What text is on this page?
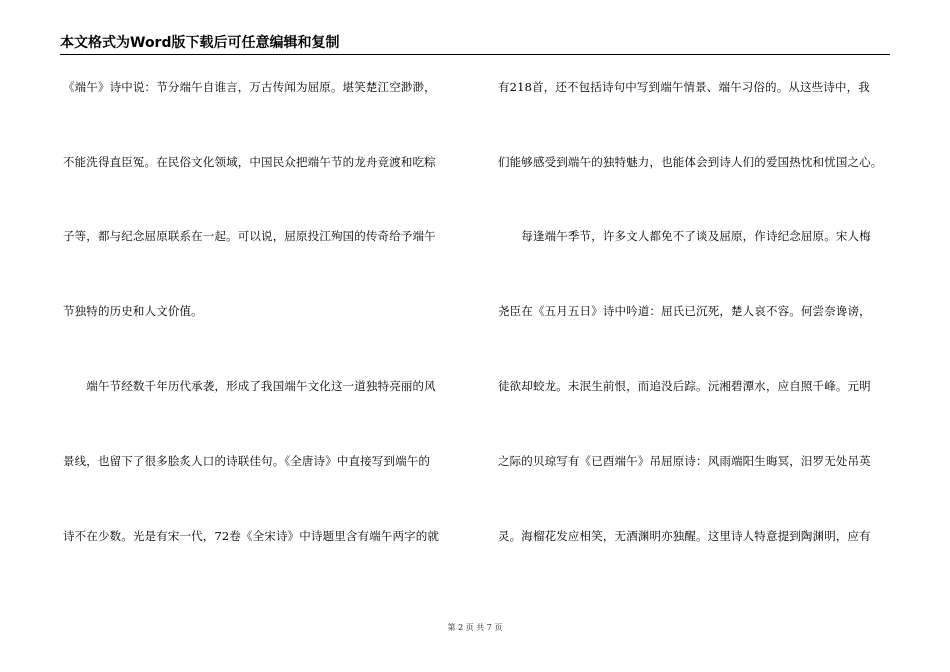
本文格式为Word版下载后可任意编辑和复制
《端午》诗中说：节分端午自谁言，万古传闻为屈原。堪笑楚江空渺渺，
不能洗得直臣冤。在民俗文化领域，中国民众把端午节的龙舟竞渡和吃粽
子等，都与纪念屈原联系在一起。可以说，屈原投江殉国的传奇给予端午
节独特的历史和人文价值。
　　端午节经数千年历代承袭，形成了我国端午文化这一道独特亮丽的风
景线，也留下了很多脍炙人口的诗联佳句。《全唐诗》中直接写到端午的
诗不在少数。光是有宋一代，72卷《全宋诗》中诗题里含有端午两字的就
有218首，还不包括诗句中写到端午情景、端午习俗的。从这些诗中，我
们能够感受到端午的独特魅力，也能体会到诗人们的爱国热忱和忧国之心。
　　每逢端午季节，许多文人都免不了谈及屈原，作诗纪念屈原。宋人梅
尧臣在《五月五日》诗中吟道：屈氏已沉死，楚人哀不容。何尝奈谗谤，
徒欲却蛟龙。未泯生前恨，而追没后踪。沅湘碧潭水，应自照千峰。元明
之际的贝琼写有《已酉端午》吊屈原诗：风雨端阳生晦冥，汨罗无处吊英
灵。海榴花发应相笑，无酒渊明亦独醒。这里诗人特意提到陶渊明，应有
第 2 页 共 7 页
